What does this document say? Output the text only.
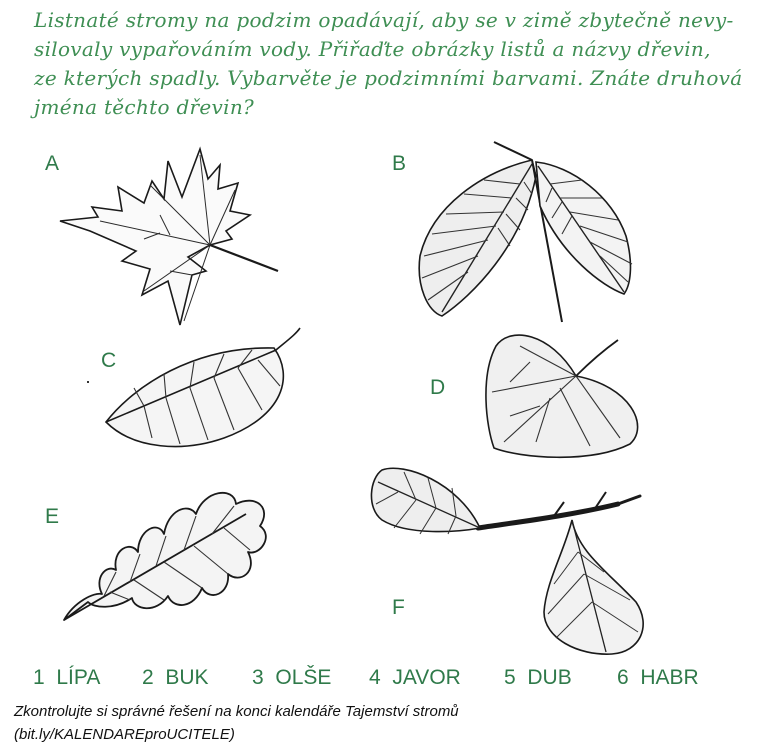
Listnaté stromy na podzim opadávají, aby se v zimě zbytečně nevy-
silovaly vypařováním vody. Přiřaďte obrázky listů a názvy dřevin,
ze kterých spadly. Vybarvěte je podzimními barvami. Znáte druhová
jména těchto dřevin?

A	B
C
D
E
F
1 LÍPA 2 BUK 3 OLŠE 4 JAVOR 5 DUB 6 HABR
Zkontrolujte si správné řešení na konci kalendáře Tajemství stromů
(bit.ly/KALENDAREproUCITELE)
